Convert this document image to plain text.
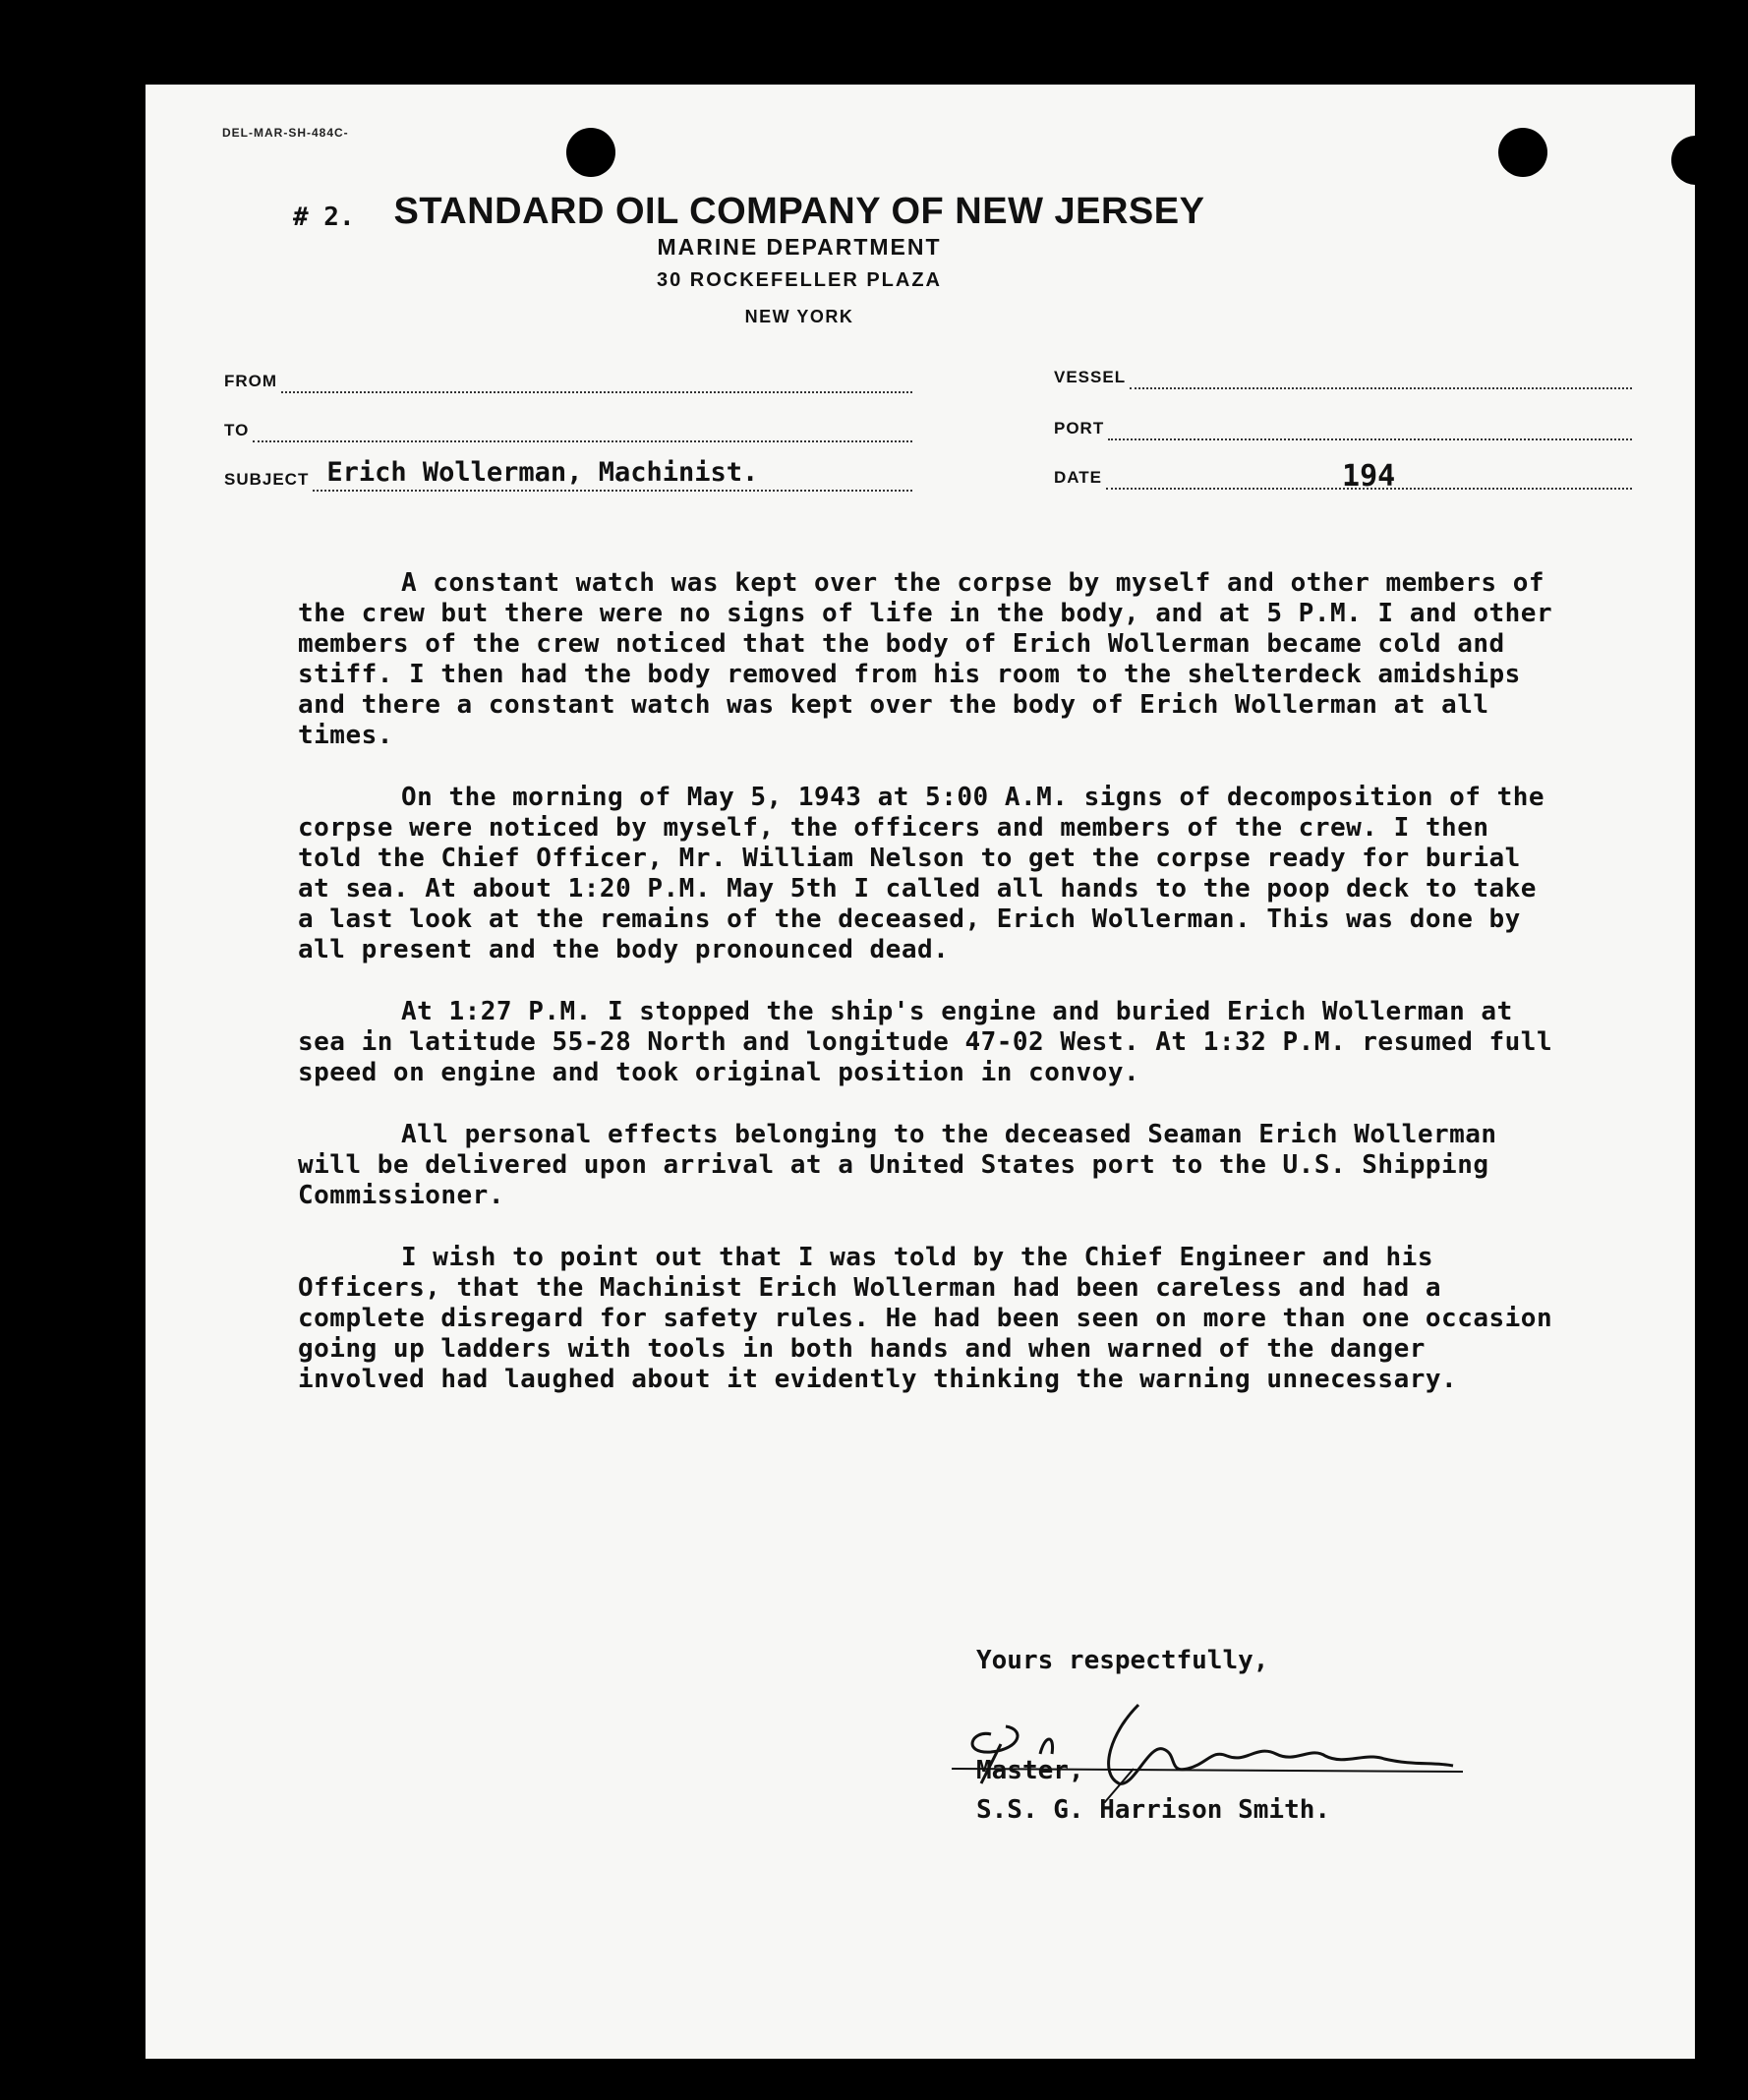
DEL-MAR-SH-484C-
# 2.	STANDARD OIL COMPANY OF NEW JERSEY
MARINE DEPARTMENT
30 ROCKEFELLER PLAZA
NEW YORK
FROM
TO
SUBJECT Erich Wollerman, Machinist.
VESSEL
PORT
DATE	194

A constant watch was kept over the corpse by myself and other members of the crew but there were no signs of life in the body, and at 5 P.M. I and other members of the crew noticed that the body of Erich Wollerman became cold and stiff. I then had the body removed from his room to the shelterdeck amidships and there a constant watch was kept over the body of Erich Wollerman at all times.

On the morning of May 5, 1943 at 5:00 A.M. signs of decomposition of the corpse were noticed by myself, the officers and members of the crew. I then told the Chief Officer, Mr. William Nelson to get the corpse ready for burial at sea. At about 1:20 P.M. May 5th I called all hands to the poop deck to take a last look at the remains of the deceased, Erich Wollerman. This was done by all present and the body pronounced dead.

At 1:27 P.M. I stopped the ship's engine and buried Erich Wollerman at sea in latitude 55-28 North and longitude 47-02 West. At 1:32 P.M. resumed full speed on engine and took original position in convoy.

All personal effects belonging to the deceased Seaman Erich Wollerman will be delivered upon arrival at a United States port to the U.S. Shipping Commissioner.

I wish to point out that I was told by the Chief Engineer and his Officers, that the Machinist Erich Wollerman had been careless and had a complete disregard for safety rules. He had been seen on more than one occasion going up ladders with tools in both hands and when warned of the danger involved had laughed about it evidently thinking the warning unnecessary.

Yours respectfully,
Master,
S.S. G. Harrison Smith.
